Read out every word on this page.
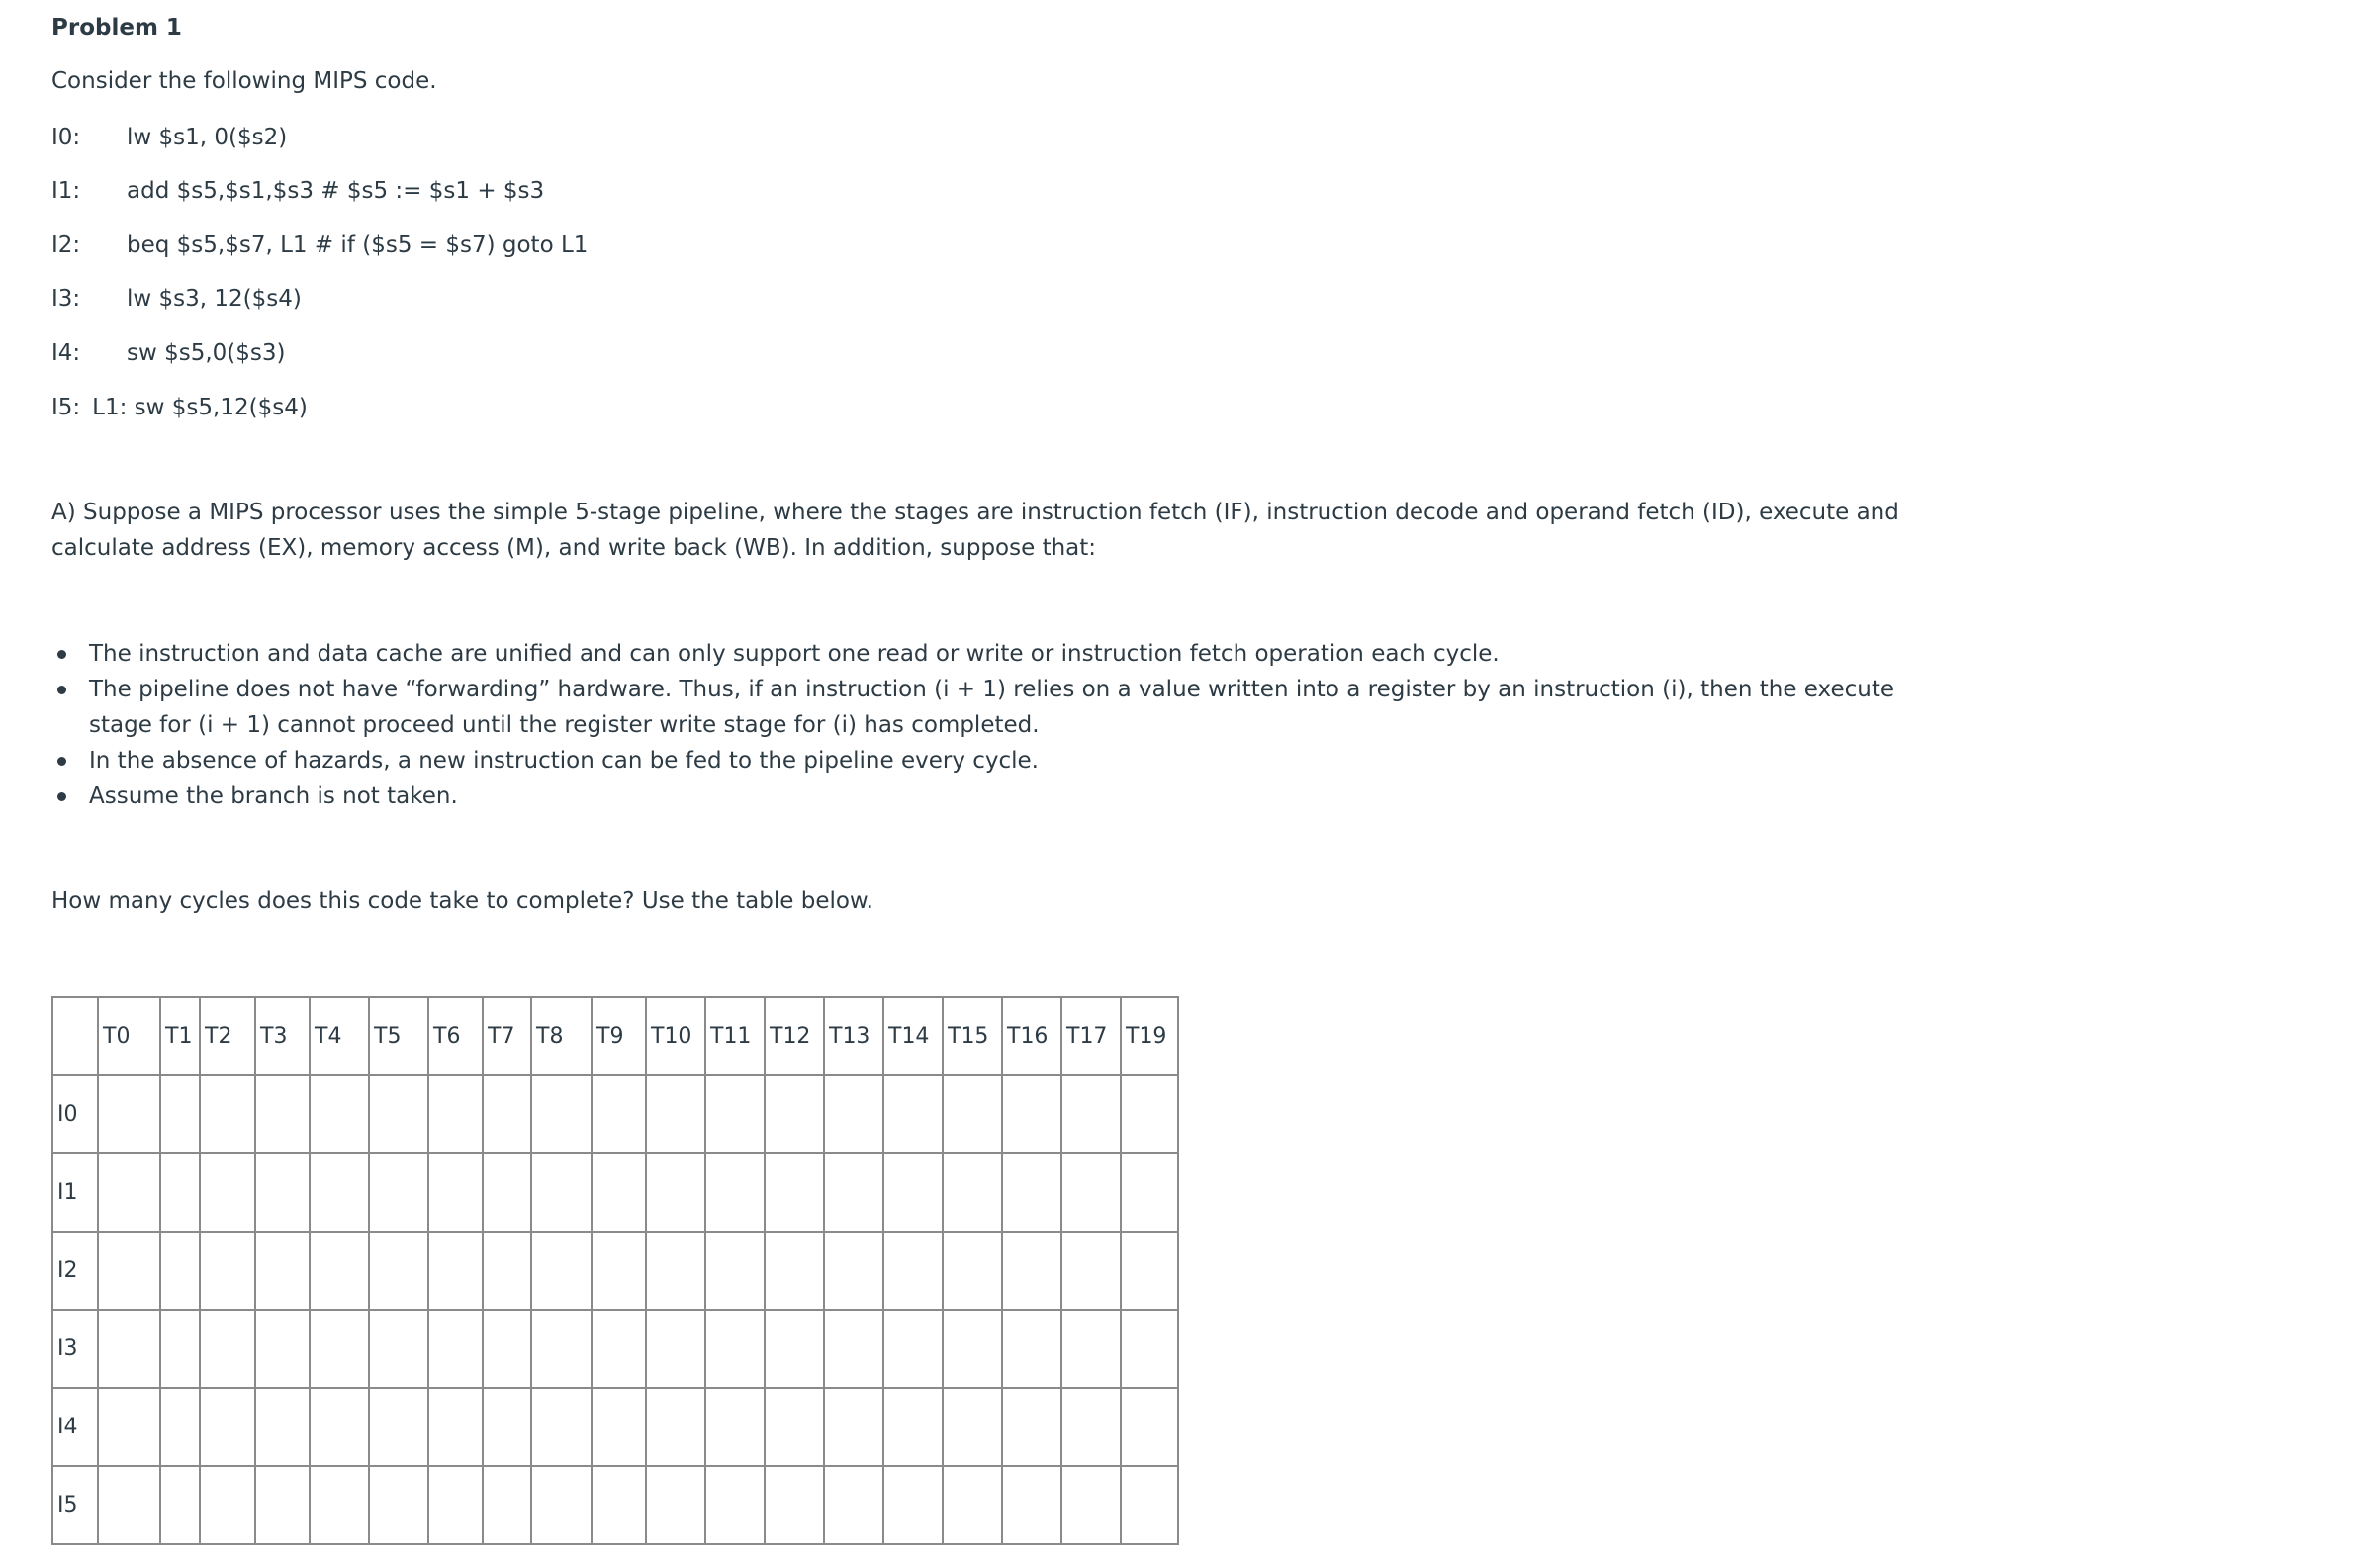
Problem 1
Consider the following MIPS code.
I0: lw $s1, 0($s2)
I1: add $s5,$s1,$s3 # $s5 := $s1 + $s3
I2: beq $s5,$s7, L1 # if ($s5 = $s7) goto L1
I3: lw $s3, 12($s4)
I4: sw $s5,0($s3)
I5: L1: sw $s5,12($s4)
A) Suppose a MIPS processor uses the simple 5-stage pipeline, where the stages are instruction fetch (IF), instruction decode and operand fetch (ID), execute and calculate address (EX), memory access (M), and write back (WB). In addition, suppose that:
The instruction and data cache are unified and can only support one read or write or instruction fetch operation each cycle.
The pipeline does not have “forwarding” hardware. Thus, if an instruction (i + 1) relies on a value written into a register by an instruction (i), then the execute stage for (i + 1) cannot proceed until the register write stage for (i) has completed.
In the absence of hazards, a new instruction can be fed to the pipeline every cycle.
Assume the branch is not taken.
How many cycles does this code take to complete? Use the table below.
	T0	T1	T2	T3	T4	T5	T6	T7	T8	T9	T10	T11	T12	T13	T14	T15	T16	T17	T19
I0																			
I1																			
I2																			
I3																			
I4																			
I5																			
